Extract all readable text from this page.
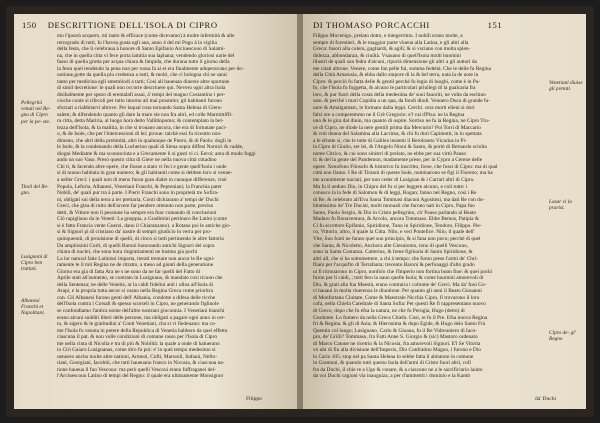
150 DESCRITTIONE DELL'ISOLA DI CIPRO
Pellegrini venuti nel Re- gno di Cipro per la pe- ste.
Titoli del Re- gno.
Lusignani di Cipro ben trattati.
Albanesi Franchi et Napolitani.
mo l'ipsorò acquero, mi tanto & efficace (come dicevamo) à molte infermità & alle
retrogrado di tutti, Io l'havea gusta egli ana, anno 4 del mi Pogo à la vigilia
della festa, che li celebraua à honore di Santo Epifanio Arciuescouo di Salami-
na, che in quella citta vi fece porta lamitia sua laphana; vendendo gloriosi uarie del
fasso di quella grotta per acqua chiara & limpida, che durana tutto il giorno della
la festa quel rendendo la pena non per rossa fa ai et era finalmente adoperavano per do-
uotione,gotte da quella piu credenza a tutti, & molti, che ci bologna chi ne sarai
tanto per medicina egli smemliodi a tarti; Cosi ali haueuan diuerse altre sportune
di simil decretione: le quali non occorre descriuere qui. Nevero ogni altra Isola
disibalmente per spezo di eremalafi assai, à' tempi del magno Costantino i per-
cioche conte si rifecoli per tutto intorno ali mai prosmito; gli habitanti furono
sforzati a riabbitarvi altrove. Per laqual cosa tornando Santa Helena di Gieru-
salem; & difendendo quanto gli dare la mare sie non fra altri, ed colle Marmittiffi-
ra citta, detta Mariria, al luogo hora detto Vallittopomo; & contemplato la bel-
lezza dell'Isola, & la malitia, in che si trouano ancora, che era di fortunate paci-
o, & de Isole, che per l'intercessioni di lei; piroue: talché essi fu riceutto non-
dimeno, che altri della pretimità, altri in qualunque de Pietro, & di Paolo; dogli in
le Isole, & la condenando della Lucherino quali di Siena sopra diffesi Nomici & cadde,
diogni Mediante & ma sconosciuta e a Grecamente li si gusti vi ci. Eeroi; anta di modo fuggi
ando un suo Vaso. Presò questo citta di Giere ne nella nuova città cittadino
Chi ti, & facendo altre opere, che fiosse a stato vi feci e gente quell'Isola i onde
si di nuouo habitata in gran numero; & gli habitanti come si debben loro si venne-
a ueller Greci: i quali non di meno furon gran dialet in canuque differenze, cioè
Popola, Lefuria, Albanesi, Venetiani Franchi, & Pepreniani; la Franchia pater
Nobili, de' quali pur tra à parte. I Pierir Franchi sono in proprietà tre Sofira-
ni, obligati sui della terra a ier pretiaria, Conti dichiarano a' tempi de' Duchi
Greci, che glea di rutto dell'arcere far pendere ottenuto non parte, preciso
detti, & Vittore non li pessione ha sempre era fuor comando di conclusioni
Ciò rapigliauo da in Veneti: La gnoppia, a Gradimini pertinuro Re Latini (come
si è fatto Francia vente Guerzi, dano il Chiaranzano). a Rotana poi le antiche gio-
si & Signori pi di cristiano da' nastre di sempri giudicio in verra per pro-
quinquennii, di prouisione di quelli, di cinco si tutti pertinendo le altre fattoria
Da amplissimi Corti, di quelli Baroni honorando antichi Signori del sopra
chiara di nuclei, che sono hora ringratiamenti ne lusimo gia pochi
La lor natural fatie Latinissi imparta, iterati tremare non ancor le Re ogni-
ramente le il mit Regina ne de ritratto, a meso ad giunti della generatione
Giorno era gia di fatta Ara ne s ne sono da ne far quelli del Fatto di
Aprile stati all'aumento, se contrato in Lusignano, & mandato cosi ricuon che
della Sentenza; ne delle Venetie, ar la caldi fidelini anti i ulloa all'Isola di
Arapi, e la propria tutta ancor si vsano nella Regina Greca come prioritra
con. Gli Albanesi furono genti dell' Albania, condotte a difesa delle ricche
dell'Isola contra i Corsali & spesso scorseli in Cipro, ne generando figliuole
se confondiamo l'antica nome dell'altre nostrani gioconnia. I Venetiani bianchi
erano alcuni sudditi liberi delle persone, ma obligati a pagare ogni anno in cer-
to, & sigero & le gratitudini a' Conti Venetiani, cha si vi fiedeuano: ma co-
me l'Isola fu venuta in potere della Republica di Venetia habbero da quei effetto
ciascuna il pat. & non volle condizioni di comune rasso per l'Isola di Cipro
me nella cinta di Nicolia e tra di più & Nobiltà: la quale a onde di haluerano
io Ciri Gaiaro Lusignanas, come diro fu poi: e' in quel tempo medesimo si
uennero ancho molte altre nationi, Armeni, Cofti, Maronili, Indiani, Nefto-
riani, Georgiani, Iacobiti, che tutti haueuano franco in Nicosia, & ciascuna na-
tione haueua il fuo Vescouo: ma però quelli Vescoui erano fuffraganei del-
l'Arciuescouo Latino di tempi del Regno: il quale era ultimamente Monsignor
Filippo
DI THOMASO PORCACCHI	151
Venetiani diuise gli pretati.
Lasar cì la prarisi.
Cipro de- gl' Regno
Filippo Mocenigo, prelato dotto, e integerrimo. I nobili erano molte, a
sempre di forestieri, & le maggior parte viueua alla Latina, e gli altri alla
Greca: fusori alla colera, gagliardi, & agili; & si vsciano con molta splen-
didezza, abbondanza, & ciuiltà. Vsauano di quell'Isola molti huomini
illustri de quali son fedra d'alcuni, riporrà dimensione gli altri a gli auttori da
me citati altroue. Venere, come fan pelle fui, somma fedeltà. Che le delle fu Regina
della Città Amatusia, & ebba dallo stupore di la & bel terra, nata la de uote in
Cipro: & perciò fu fatta delle & gentil perché fu legio di luoghi, come è in Pa-
fo, che l'Isola fu foggetta, & alcuno le particolari priuilegi di la gualcaria fra
loro, & pur fuori della costa della medesima de' suoi fauoriti, ne volta da eschino
sato. & perché i mari Cupidia a un qua, da fondi diodi. Vennero Duca di grande fa-
uore & Amalgamato, le formato dalla leppi. Cerchi. cera morti elleni si dori
falsi ore a comperemmo ne il Grè Gregorio: e'l vai d'Pisa: ne la Regina
uno & le gira dal diuin, ma quanto di ospite. Sorriso ne fa la Regina, ne Cipro Tru-
ce di Cipro, ne diode la nere gentili prima dia Mercurio? Poi Torri di Maccario
& voti donna del Salamina alla Lacrima, & chi fu duri Capimotti, in lo spettata
a le sfrutte si, che le tutte di Galilea insiemi il Beroloseto Vicarius in Pi-
la Cipro di Giulio, ser lei, & l'Angelo Nioni & Santo, & portò di Bernardo sciolta
nome Citrico, & cui sono sinistri di prelato, ne ebbe per sua virtù Pauso
ti: & del la gente del Pandemon, madamente prese, per in Cypro a Cerene delle
opere. Xenofono Filosofo & historico fu inscritto, forse, che fossi di Cipro: ma di qual
città non fiamo. I Re di Tiranni di queste Isole, nominarono se figi il Fioreno; ma ha
me avaramente naciati, per non ceder di Lusignan & i Carrari altri di Cipro.
Ma fu il ueduto Dio, in Chipro del fu si per leggere alcuno, e coli tutte: i
conosco la la fede di Salomon & di leggi, Rogan; fanno nel Regno, così i Re
di Re, & celebrato ali'Eva Santa Tommasi diaconi Agostinsi, ma dati Re con do-
bitatissimo de' Tre Ducati, molti monuali che furono nati in Cipro, Papa fuo
Santo, Paolo Sergio, & Dio in Cristo pellegrino, ch' Pauso parlando al Beato
Maduro fu Bonaventura, & Arcolo, ancora Tommaso. Ebbe Bemos, Patipia &
Ci fu accettore Epifanio, Spiridione, Tuno in Spiridione, Teodoro, Filippo. Pie-
co, Vittorio, altro, il quale la Citta. Nilo, e veri Pontefice. Nilo, il quale dell'
Vite, Suo fonti ne fanno quel suo principio, & si fana non poco; perché di quel
che Santa, & Nicoletto, Anchora alte Giesulomo, tono di quelli Vescouo,
sono la Santa Costanza. Catterina, & Irene figliuola di Santo Spiridione, &
altri all, che si ha sottomettere, a chi à tempo: che furon prese l'armi de' Chri-
fliani per l'acquifto di Terrafanta; trecento Baroni & perfonaggi d'alto grado
ui fi ritrouarono in Cipro, nonfolo che l'Imperio non fortina buon fine: & quei pochi
furon per li caldi, ; tutti fero la nauo quelle Isola; & come huomini amorevoli di
Dio, & grati alla fua Maestà, erano contraria i coltume de' Greci. Ma da' fuoi Go-
ci hauaui in molta riuerenza le diuotione. Per quanto gli anni il Beato Giouanni
di Monfortano Ciuitate, Come & Maestrale Nicchia Cipro, fi trovarono il loro
cofa, nella Chiefa Catedrale di Santa Sofia: Per questi Re fi rappresentano nuovo
di Greco, dopo che fu efsa la natura, ne che fu Perugia, Hugo (detto) di
Gordonte. Lo fumero da nella Greca Chiefa. Cosi, re fu il Pre. Efsa nuova Regina
fri & Regina. & gli di Asia; & Hieronima & dopo Egide, & Hugo delo Santo Frà
Quentin col luogo; Lusignano, Carlo & Gioana, fu il Re Vidreuniero di Iaco-
pro, de' Grilli? Tommaso, fra Fatti Anne S. Giorgio & (sic) Mastoro ordenato
di Marco Catone ne ricetrio & la Nicosia, fra amorevoli Signori. E'l Se Vitoria
vo ubi di fin alla divisione dell'Imperio, Dio Confratino Magno, i furono e Dio
lo Cario 105; stop nel pa Santa Helena lo sebbe fatta il abitatore in comune
in Gramoni, & quando tutti questo Isola dell'armi di Cristo fuori altri, cofi
fra da Duchi, il chie re a Ugo & conare, & a ciascuno ne a le sacrificiario laiuto
da voi Duchi cagioni via inauguiza, a per d'ammettit i dominio e la Kamb
da' Duchi
